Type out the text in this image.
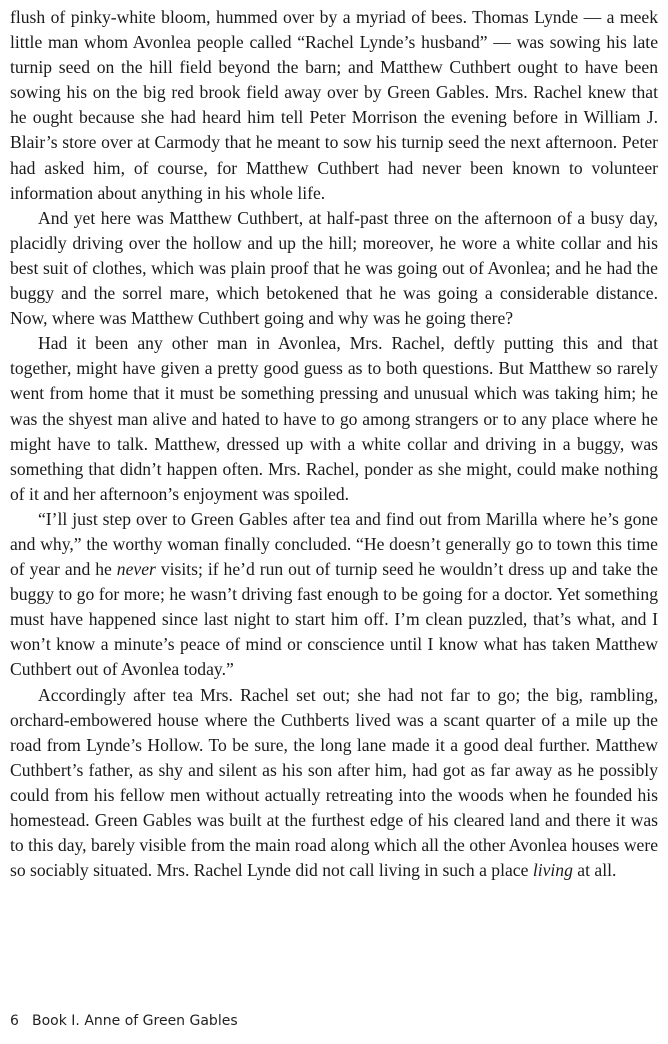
flush of pinky-white bloom, hummed over by a myriad of bees. Thomas Lynde — a meek little man whom Avonlea people called “Rachel Lynde’s husband” — was sowing his late turnip seed on the hill field beyond the barn; and Matthew Cuthbert ought to have been sowing his on the big red brook field away over by Green Gables. Mrs. Rachel knew that he ought because she had heard him tell Peter Morrison the evening before in William J. Blair’s store over at Carmody that he meant to sow his turnip seed the next afternoon. Peter had asked him, of course, for Matthew Cuthbert had never been known to volunteer information about anything in his whole life.

And yet here was Matthew Cuthbert, at half-past three on the afternoon of a busy day, placidly driving over the hollow and up the hill; moreover, he wore a white collar and his best suit of clothes, which was plain proof that he was going out of Avonlea; and he had the buggy and the sorrel mare, which betokened that he was going a considerable distance. Now, where was Matthew Cuthbert going and why was he going there?

Had it been any other man in Avonlea, Mrs. Rachel, deftly putting this and that together, might have given a pretty good guess as to both questions. But Matthew so rarely went from home that it must be something pressing and unusual which was taking him; he was the shyest man alive and hated to have to go among strangers or to any place where he might have to talk. Matthew, dressed up with a white collar and driving in a buggy, was something that didn’t happen often. Mrs. Rachel, ponder as she might, could make nothing of it and her afternoon’s enjoyment was spoiled.

“I’ll just step over to Green Gables after tea and find out from Marilla where he’s gone and why,” the worthy woman finally concluded. “He doesn’t generally go to town this time of year and he never visits; if he’d run out of turnip seed he wouldn’t dress up and take the buggy to go for more; he wasn’t driving fast enough to be going for a doctor. Yet something must have happened since last night to start him off. I’m clean puzzled, that’s what, and I won’t know a minute’s peace of mind or conscience until I know what has taken Matthew Cuthbert out of Avonlea today.”

Accordingly after tea Mrs. Rachel set out; she had not far to go; the big, rambling, orchard-embowered house where the Cuthberts lived was a scant quarter of a mile up the road from Lynde’s Hollow. To be sure, the long lane made it a good deal further. Matthew Cuthbert’s father, as shy and silent as his son after him, had got as far away as he possibly could from his fellow men without actually retreating into the woods when he founded his homestead. Green Gables was built at the furthest edge of his cleared land and there it was to this day, barely visible from the main road along which all the other Avonlea houses were so sociably situated. Mrs. Rachel Lynde did not call living in such a place living at all.

6 Book I. Anne of Green Gables
